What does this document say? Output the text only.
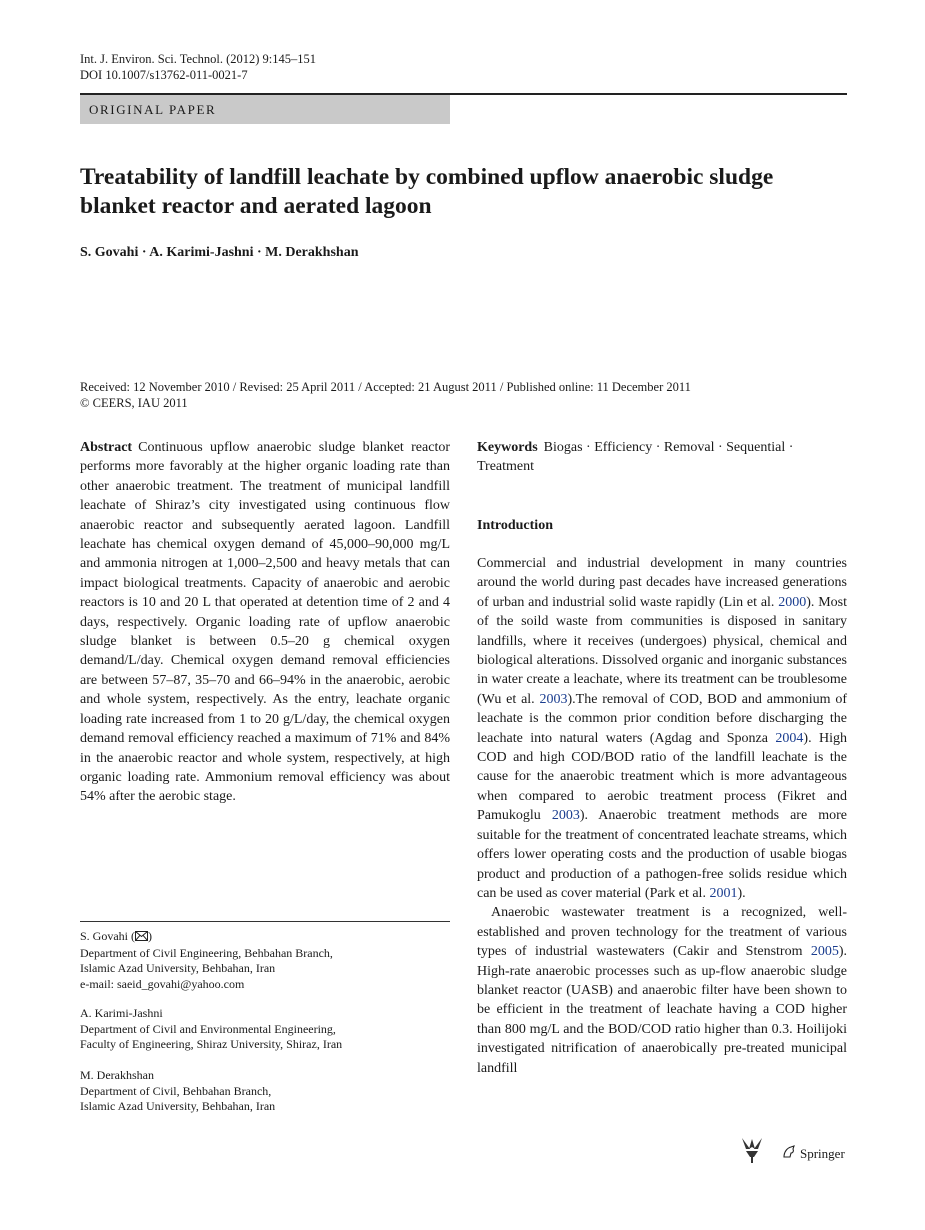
Int. J. Environ. Sci. Technol. (2012) 9:145–151
DOI 10.1007/s13762-011-0021-7
ORIGINAL PAPER
Treatability of landfill leachate by combined upflow anaerobic sludge blanket reactor and aerated lagoon
S. Govahi · A. Karimi-Jashni · M. Derakhshan
Received: 12 November 2010 / Revised: 25 April 2011 / Accepted: 21 August 2011 / Published online: 11 December 2011
© CEERS, IAU 2011
Abstract Continuous upflow anaerobic sludge blanket reactor performs more favorably at the higher organic loading rate than other anaerobic treatment. The treatment of municipal landfill leachate of Shiraz’s city investigated using continuous flow anaerobic reactor and subsequently aerated lagoon. Landfill leachate has chemical oxygen demand of 45,000–90,000 mg/L and ammonia nitrogen at 1,000–2,500 and heavy metals that can impact biological treatments. Capacity of anaerobic and aerobic reactors is 10 and 20 L that operated at detention time of 2 and 4 days, respectively. Organic loading rate of upflow anaerobic sludge blanket is between 0.5–20 g chemical oxygen demand/L/day. Chemical oxygen demand removal efficiencies are between 57–87, 35–70 and 66–94% in the anaerobic, aerobic and whole system, respectively. As the entry, leachate organic loading rate increased from 1 to 20 g/L/day, the chemical oxygen demand removal efficiency reached a maximum of 71% and 84% in the anaerobic reactor and whole system, respectively, at high organic loading rate. Ammonium removal efficiency was about 54% after the aerobic stage.
Keywords Biogas · Efficiency · Removal · Sequential · Treatment
Introduction

Commercial and industrial development in many countries around the world during past decades have increased generations of urban and industrial solid waste rapidly (Lin et al. 2000). Most of the soild waste from communities is disposed in sanitary landfills, where it receives (undergoes) physical, chemical and biological alterations. Dissolved organic and inorganic substances in water create a leachate, where its treatment can be troublesome (Wu et al. 2003).The removal of COD, BOD and ammonium of leachate is the common prior condition before discharging the leachate into natural waters (Agdag and Sponza 2004). High COD and high COD/BOD ratio of the landfill leachate is the cause for the anaerobic treatment which is more advantageous when compared to aerobic treatment process (Fikret and Pamukoglu 2003). Anaerobic treatment methods are more suitable for the treatment of concentrated leachate streams, which offers lower operating costs and the production of usable biogas product and production of a pathogen-free solids residue which can be used as cover material (Park et al. 2001).

Anaerobic wastewater treatment is a recognized, well-established and proven technology for the treatment of various types of industrial wastewaters (Cakir and Stenstrom 2005). High-rate anaerobic processes such as up-flow anaerobic sludge blanket reactor (UASB) and anaerobic filter have been shown to be efficient in the treatment of leachate having a COD higher than 800 mg/L and the BOD/COD ratio higher than 0.3. Hoilijoki investigated nitrification of anaerobically pre-treated municipal landfill

S. Govahi ( )
Department of Civil Engineering, Behbahan Branch,
Islamic Azad University, Behbahan, Iran
e-mail: saeid_govahi@yahoo.com
A. Karimi-Jashni
Department of Civil and Environmental Engineering,
Faculty of Engineering, Shiraz University, Shiraz, Iran
M. Derakhshan
Department of Civil, Behbahan Branch,
Islamic Azad University, Behbahan, Iran
Springer
